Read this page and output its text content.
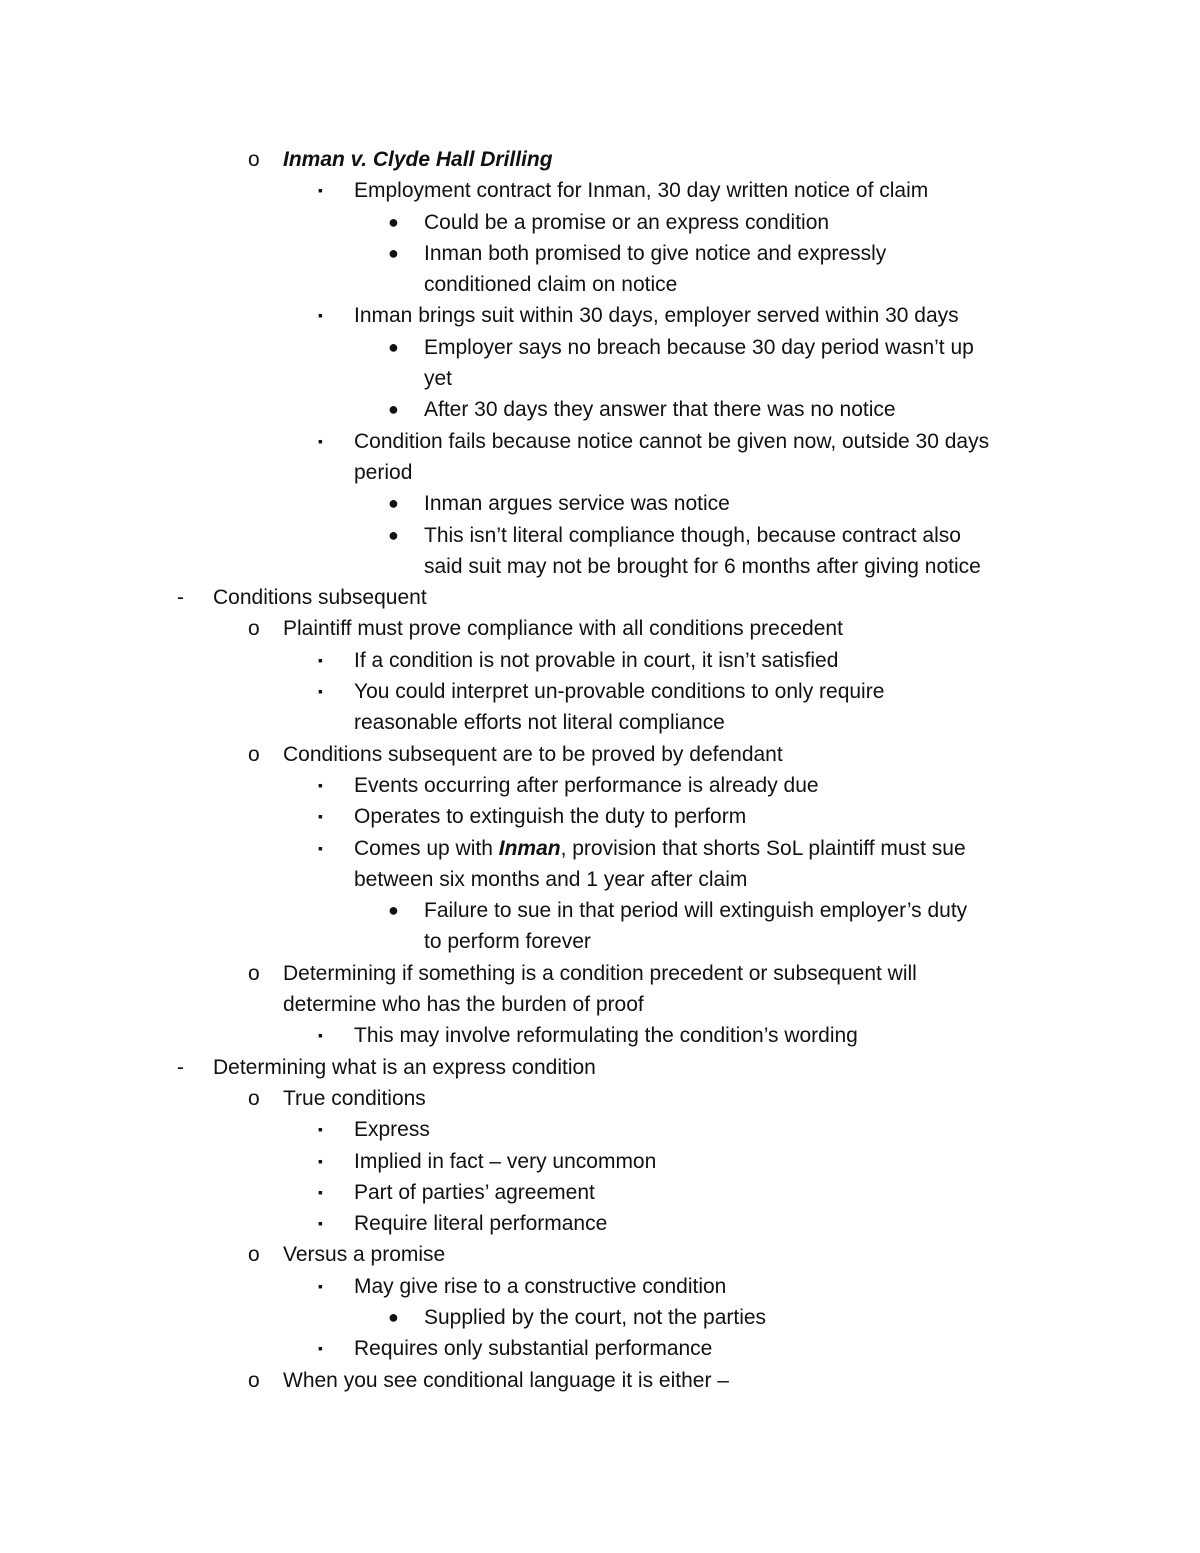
o Inman v. Clyde Hall Drilling
▪ Employment contract for Inman, 30 day written notice of claim
● Could be a promise or an express condition
● Inman both promised to give notice and expressly
conditioned claim on notice
▪ Inman brings suit within 30 days, employer served within 30 days
● Employer says no breach because 30 day period wasn’t up
yet
● After 30 days they answer that there was no notice
▪ Condition fails because notice cannot be given now, outside 30 days
period
● Inman argues service was notice
● This isn’t literal compliance though, because contract also
said suit may not be brought for 6 months after giving notice
- Conditions subsequent
o Plaintiff must prove compliance with all conditions precedent
▪ If a condition is not provable in court, it isn’t satisfied
▪ You could interpret un-provable conditions to only require
reasonable efforts not literal compliance
o Conditions subsequent are to be proved by defendant
▪ Events occurring after performance is already due
▪ Operates to extinguish the duty to perform
▪ Comes up with Inman, provision that shorts SoL plaintiff must sue
between six months and 1 year after claim
● Failure to sue in that period will extinguish employer’s duty
to perform forever
o Determining if something is a condition precedent or subsequent will
determine who has the burden of proof
▪ This may involve reformulating the condition’s wording
- Determining what is an express condition
o True conditions
▪ Express
▪ Implied in fact – very uncommon
▪ Part of parties’ agreement
▪ Require literal performance
o Versus a promise
▪ May give rise to a constructive condition
● Supplied by the court, not the parties
▪ Requires only substantial performance
o When you see conditional language it is either –
